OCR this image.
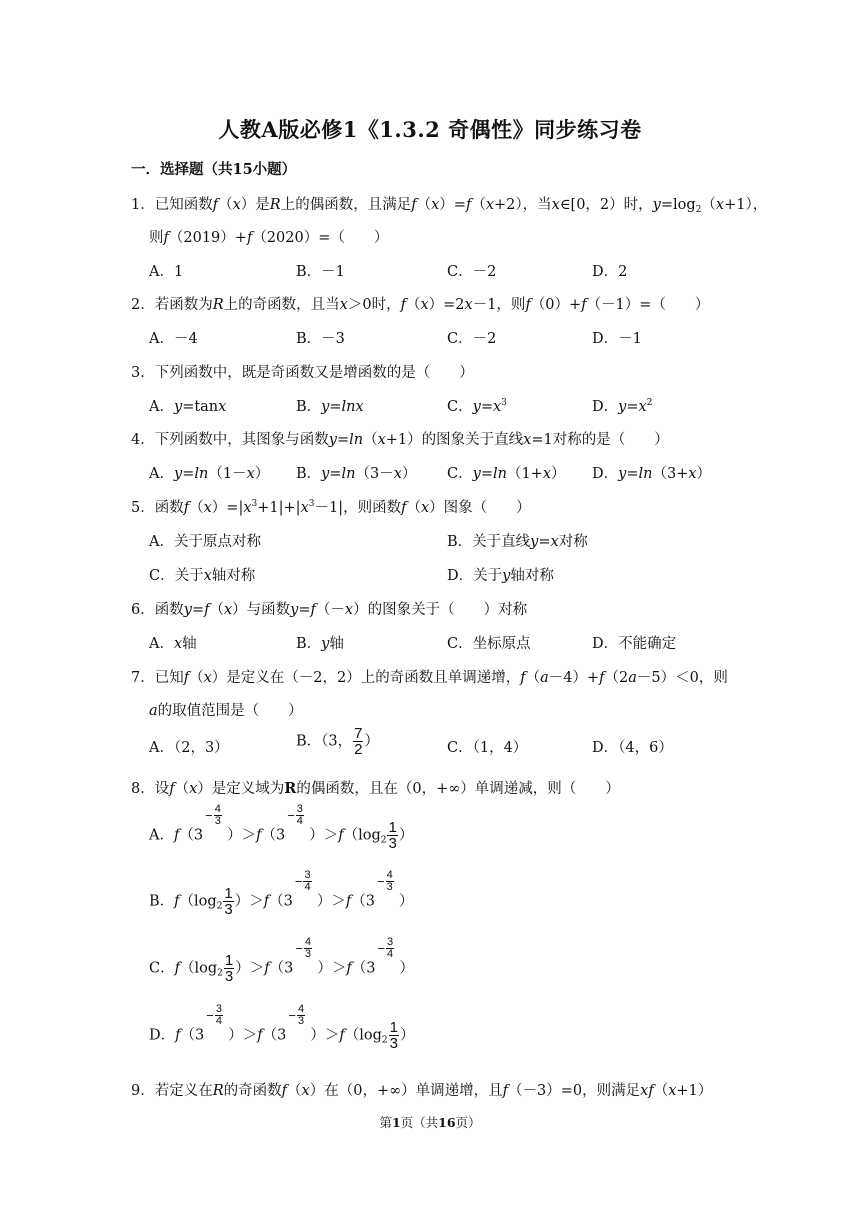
人教A版必修1《1.3.2 奇偶性》同步练习卷
一．选择题（共15小题）
1．已知函数f（x）是R上的偶函数，且满足f（x）=f（x+2），当x∈[0，2）时，$y=\log_2(x+1)$，
则f（2019）+f（2020）=（　　）
A．1	B．－1	C．－2	D．2
2．若函数为R上的奇函数，且当x＞0时，f（x）=2x－1，则f（0）+f（－1）=（　　）
A．－4	B．－3	C．－2	D．－1
3．下列函数中，既是奇函数又是增函数的是（　　）
A．y=tanx	B．y=lnx	C．$y=x^3$	D．$y=x^2$
4．下列函数中，其图象与函数y=ln（x+1）的图象关于直线x=1对称的是（　　）
A．y=ln（1－x） B．y=ln（3－x） C．y=ln（1+x） D．y=ln（3+x）
5．函数$f(x)=|x^3+1|+|x^3-1|$，则函数f（x）图象（　　）
A．关于原点对称	B．关于直线y=x对称
C．关于x轴对称	D．关于y轴对称
6．函数y=f（x）与函数y=f（－x）的图象关于（　　）对称
A．x轴	B．y轴	C．坐标原点	D．不能确定
7．已知f（x）是定义在（－2，2）上的奇函数且单调递增，f（a－4）+f（2a－5）＜0，则
a的取值范围是（　　）
A．（2，3）	B．（3， $\frac{7}{2}$ ）	C．（1，4）	D．（4，6）
8．设f（x）是定义域为R的偶函数，且在（0，+∞）单调递减，则（　　）
A．f（3
− $\frac{4}{3}$
）＞f（3
− $\frac{3}{4}$
）$>f(\log_2 \frac{1}{3}$ ）
B．$f(\log_2 \frac{1}{3} )>f(3$
− $\frac{3}{4}$
）＞f（3
− $\frac{4}{3}$
）
C．$f(\log_2 \frac{1}{3} )>f(3$
− $\frac{4}{3}$
）＞f（3
− $\frac{3}{4}$
）
D．f（3
− $\frac{3}{4}$
）＞f（3
− $\frac{4}{3}$
）$>f(\log_2 \frac{1}{3}$ ）
9．若定义在R的奇函数f（x）在（0，+∞）单调递增，且f（－3）=0，则满足xf（x+1）
第1页（共16页）
